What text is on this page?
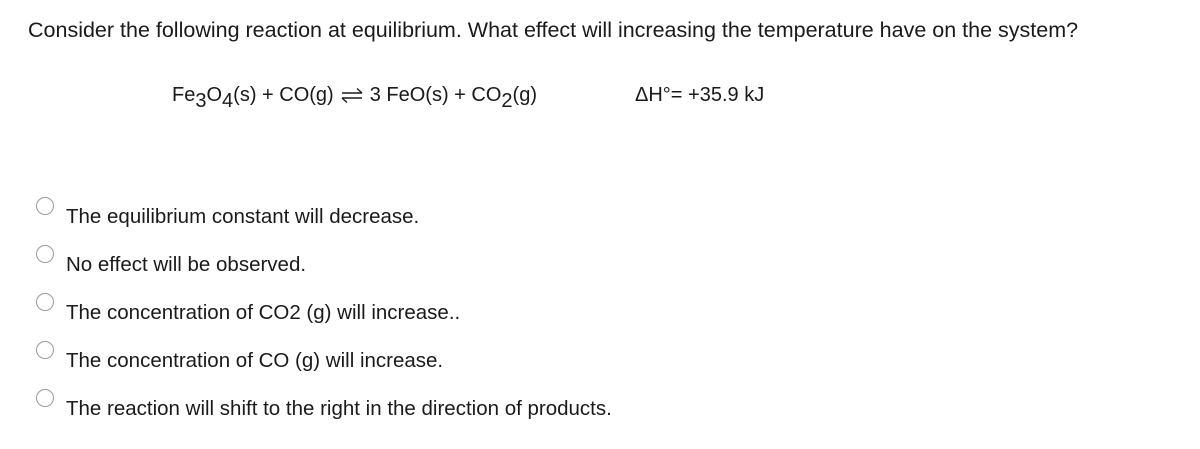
Consider the following reaction at equilibrium. What effect will increasing the temperature have on the system?
Fe 3 O 4 (s) + CO(g) ⇌ 3 FeO(s) + CO 2 (g)	ΔH°= +35.9 kJ
The equilibrium constant will decrease.
No effect will be observed.
The concentration of CO2 (g) will increase..
The concentration of CO (g) will increase.
The reaction will shift to the right in the direction of products.
